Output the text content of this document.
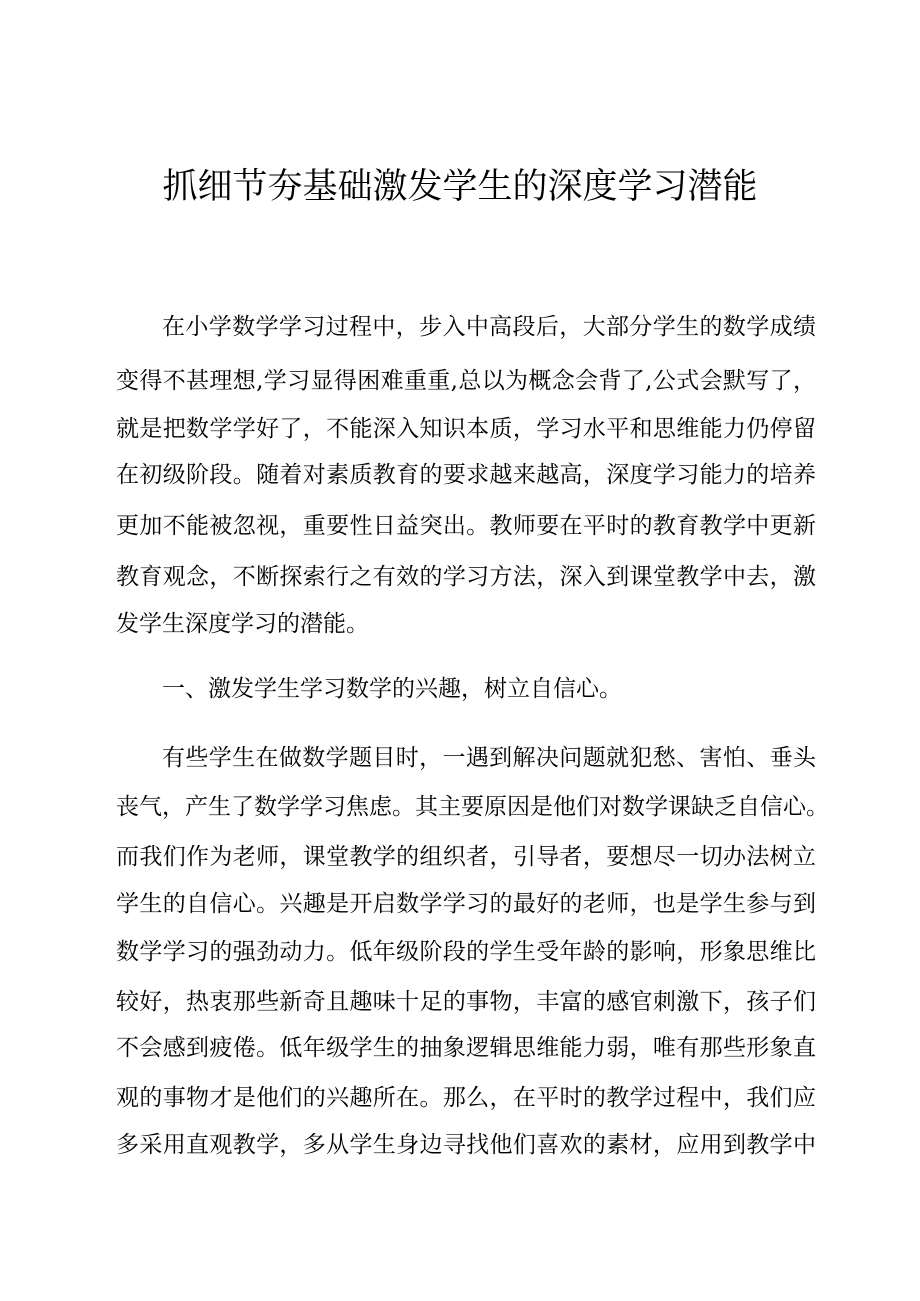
抓细节夯基础激发学生的深度学习潜能

在小学数学学习过程中，步入中高段后，大部分学生的数学成绩

变得不甚理想,学习显得困难重重,总以为概念会背了,公式会默写了，

就是把数学学好了，不能深入知识本质，学习水平和思维能力仍停留

在初级阶段。随着对素质教育的要求越来越高，深度学习能力的培养

更加不能被忽视，重要性日益突出。教师要在平时的教育教学中更新

教育观念，不断探索行之有效的学习方法，深入到课堂教学中去，激

发学生深度学习的潜能。

一、激发学生学习数学的兴趣，树立自信心。

有些学生在做数学题目时，一遇到解决问题就犯愁、害怕、垂头

丧气，产生了数学学习焦虑。其主要原因是他们对数学课缺乏自信心。

而我们作为老师，课堂教学的组织者，引导者，要想尽一切办法树立

学生的自信心。兴趣是开启数学学习的最好的老师，也是学生参与到

数学学习的强劲动力。低年级阶段的学生受年龄的影响，形象思维比

较好，热衷那些新奇且趣味十足的事物，丰富的感官刺激下，孩子们

不会感到疲倦。低年级学生的抽象逻辑思维能力弱，唯有那些形象直

观的事物才是他们的兴趣所在。那么，在平时的教学过程中，我们应

多采用直观教学，多从学生身边寻找他们喜欢的素材，应用到教学中
